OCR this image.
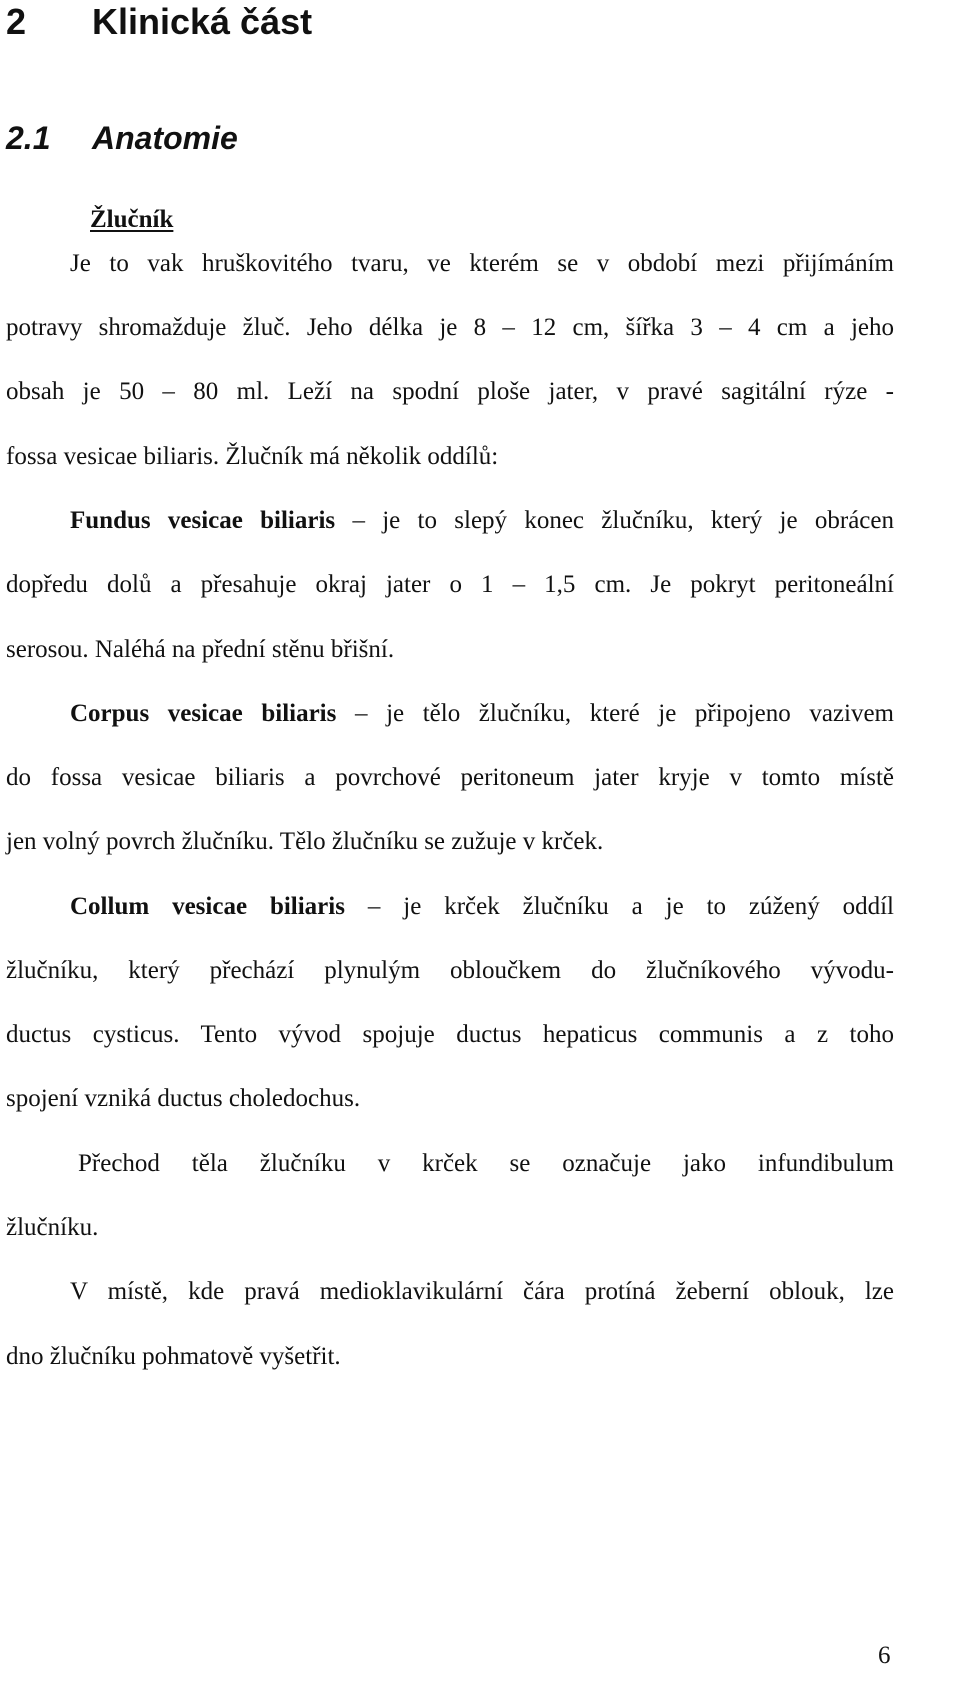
2 Klinická část
2.1 Anatomie
Žlučník
Je to vak hruškovitého tvaru, ve kterém se v období mezi přijímáním
potravy shromažduje žluč. Jeho délka je 8 – 12 cm, šířka 3 – 4 cm a jeho
obsah je 50 – 80 ml. Leží na spodní ploše jater, v pravé sagitální rýze -
fossa vesicae biliaris. Žlučník má několik oddílů:
Fundus vesicae biliaris – je to slepý konec žlučníku, který je obrácen
dopředu dolů a přesahuje okraj jater o 1 – 1,5 cm. Je pokryt peritoneální
serosou. Naléhá na přední stěnu břišní.
Corpus vesicae biliaris – je tělo žlučníku, které je připojeno vazivem
do fossa vesicae biliaris a povrchové peritoneum jater kryje v tomto místě
jen volný povrch žlučníku. Tělo žlučníku se zužuje v krček.
Collum vesicae biliaris – je krček žlučníku a je to zúžený oddíl
žlučníku, který přechází plynulým obloučkem do žlučníkového vývodu-
ductus cysticus. Tento vývod spojuje ductus hepaticus communis a z toho
spojení vzniká ductus choledochus.
Přechod těla žlučníku v krček se označuje jako infundibulum
žlučníku.
V místě, kde pravá medioklavikulární čára protíná žeberní oblouk, lze
dno žlučníku pohmatově vyšetřit.
6
